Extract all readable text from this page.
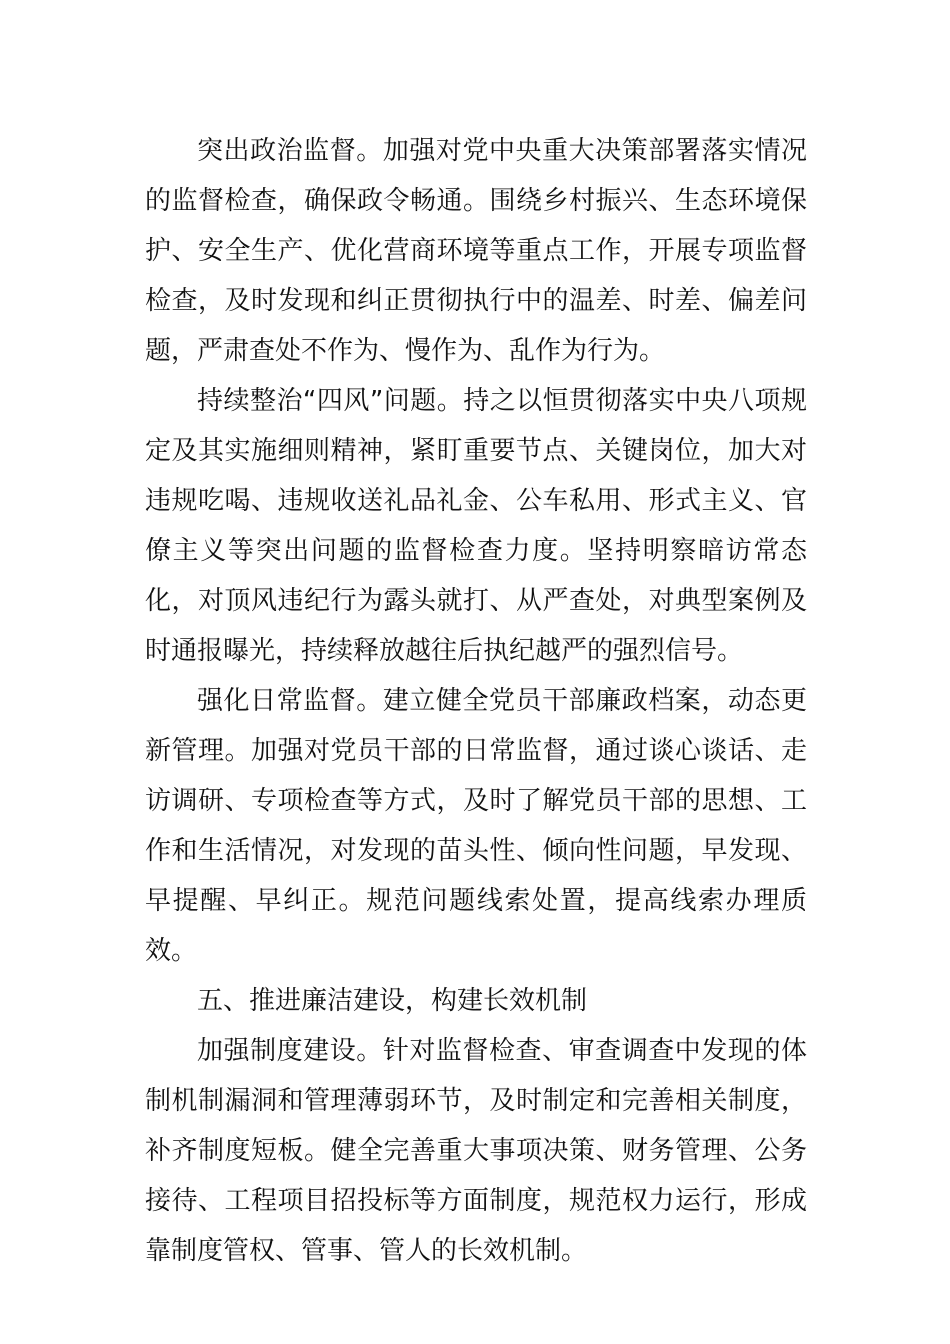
突出政治监督。加强对党中央重大决策部署落实情况的监督检查，确保政令畅通。围绕乡村振兴、生态环境保护、安全生产、优化营商环境等重点工作，开展专项监督检查，及时发现和纠正贯彻执行中的温差、时差、偏差问题，严肃查处不作为、慢作为、乱作为行为。

持续整治“四风”问题。持之以恒贯彻落实中央八项规定及其实施细则精神，紧盯重要节点、关键岗位，加大对违规吃喝、违规收送礼品礼金、公车私用、形式主义、官僚主义等突出问题的监督检查力度。坚持明察暗访常态化，对顶风违纪行为露头就打、从严查处，对典型案例及时通报曝光，持续释放越往后执纪越严的强烈信号。

强化日常监督。建立健全党员干部廉政档案，动态更新管理。加强对党员干部的日常监督，通过谈心谈话、走访调研、专项检查等方式，及时了解党员干部的思想、工作和生活情况，对发现的苗头性、倾向性问题，早发现、早提醒、早纠正。规范问题线索处置，提高线索办理质效。

五、推进廉洁建设，构建长效机制

加强制度建设。针对监督检查、审查调查中发现的体制机制漏洞和管理薄弱环节，及时制定和完善相关制度，补齐制度短板。健全完善重大事项决策、财务管理、公务接待、工程项目招投标等方面制度，规范权力运行，形成靠制度管权、管事、管人的长效机制。
